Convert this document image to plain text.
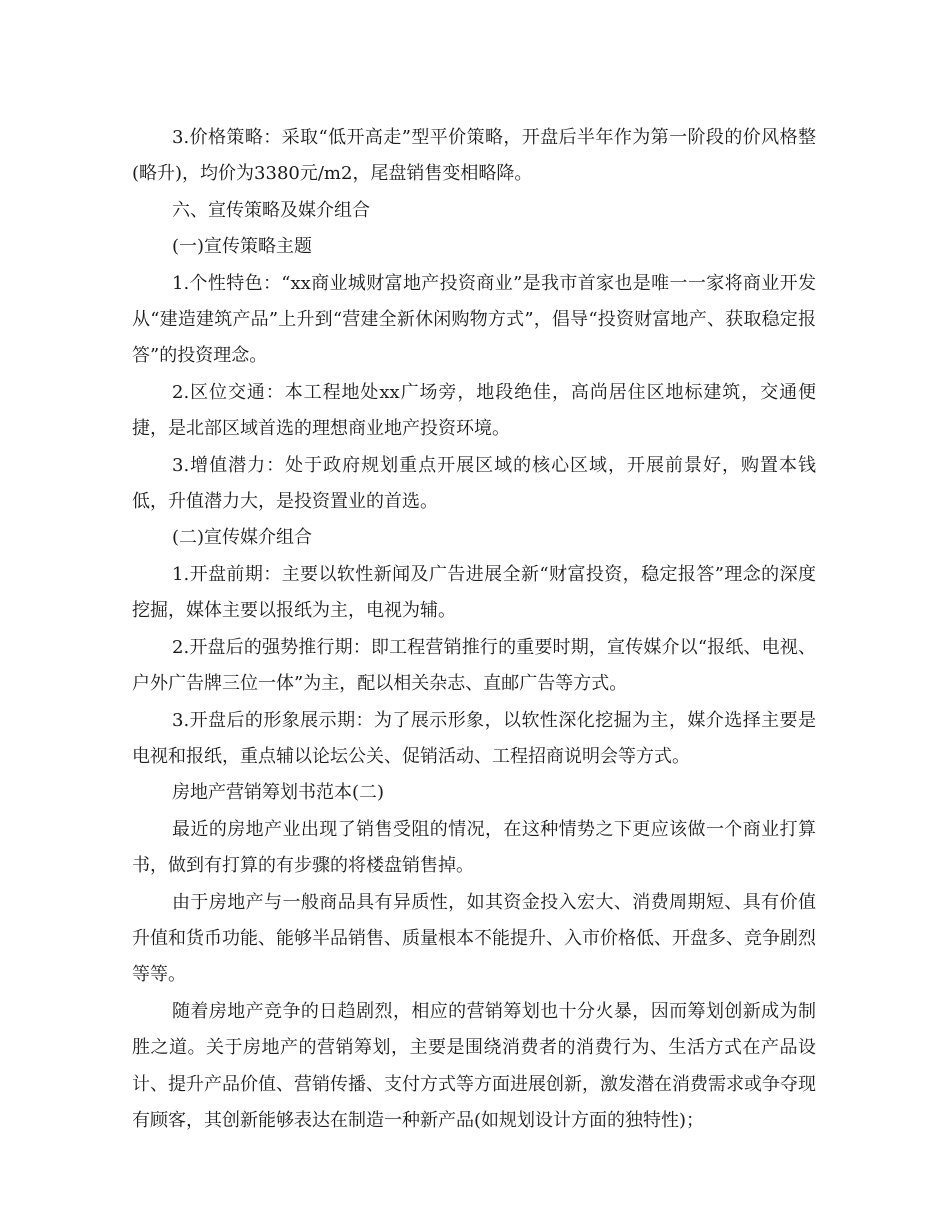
3.价格策略：采取“低开高走”型平价策略，开盘后半年作为第一阶段的价风格整(略升)，均价为3380元/m2，尾盘销售变相略降。

六、宣传策略及媒介组合

(一)宣传策略主题

1.个性特色：“xx商业城财富地产投资商业”是我市首家也是唯一一家将商业开发从“建造建筑产品”上升到“营建全新休闲购物方式”，倡导“投资财富地产、获取稳定报答”的投资理念。

2.区位交通：本工程地处xx广场旁，地段绝佳，高尚居住区地标建筑，交通便捷，是北部区域首选的理想商业地产投资环境。

3.增值潜力：处于政府规划重点开展区域的核心区域，开展前景好，购置本钱低，升值潜力大，是投资置业的首选。

(二)宣传媒介组合

1.开盘前期：主要以软性新闻及广告进展全新“财富投资，稳定报答”理念的深度挖掘，媒体主要以报纸为主，电视为辅。

2.开盘后的强势推行期：即工程营销推行的重要时期，宣传媒介以“报纸、电视、户外广告牌三位一体”为主，配以相关杂志、直邮广告等方式。

3.开盘后的形象展示期：为了展示形象，以软性深化挖掘为主，媒介选择主要是电视和报纸，重点辅以论坛公关、促销活动、工程招商说明会等方式。

房地产营销筹划书范本(二)

最近的房地产业出现了销售受阻的情况，在这种情势之下更应该做一个商业打算书，做到有打算的有步骤的将楼盘销售掉。

由于房地产与一般商品具有异质性，如其资金投入宏大、消费周期短、具有价值升值和货币功能、能够半品销售、质量根本不能提升、入市价格低、开盘多、竞争剧烈等等。

随着房地产竞争的日趋剧烈，相应的营销筹划也十分火暴，因而筹划创新成为制胜之道。关于房地产的营销筹划，主要是围绕消费者的消费行为、生活方式在产品设计、提升产品价值、营销传播、支付方式等方面进展创新，激发潜在消费需求或争夺现有顾客，其创新能够表达在制造一种新产品(如规划设计方面的独特性)；
